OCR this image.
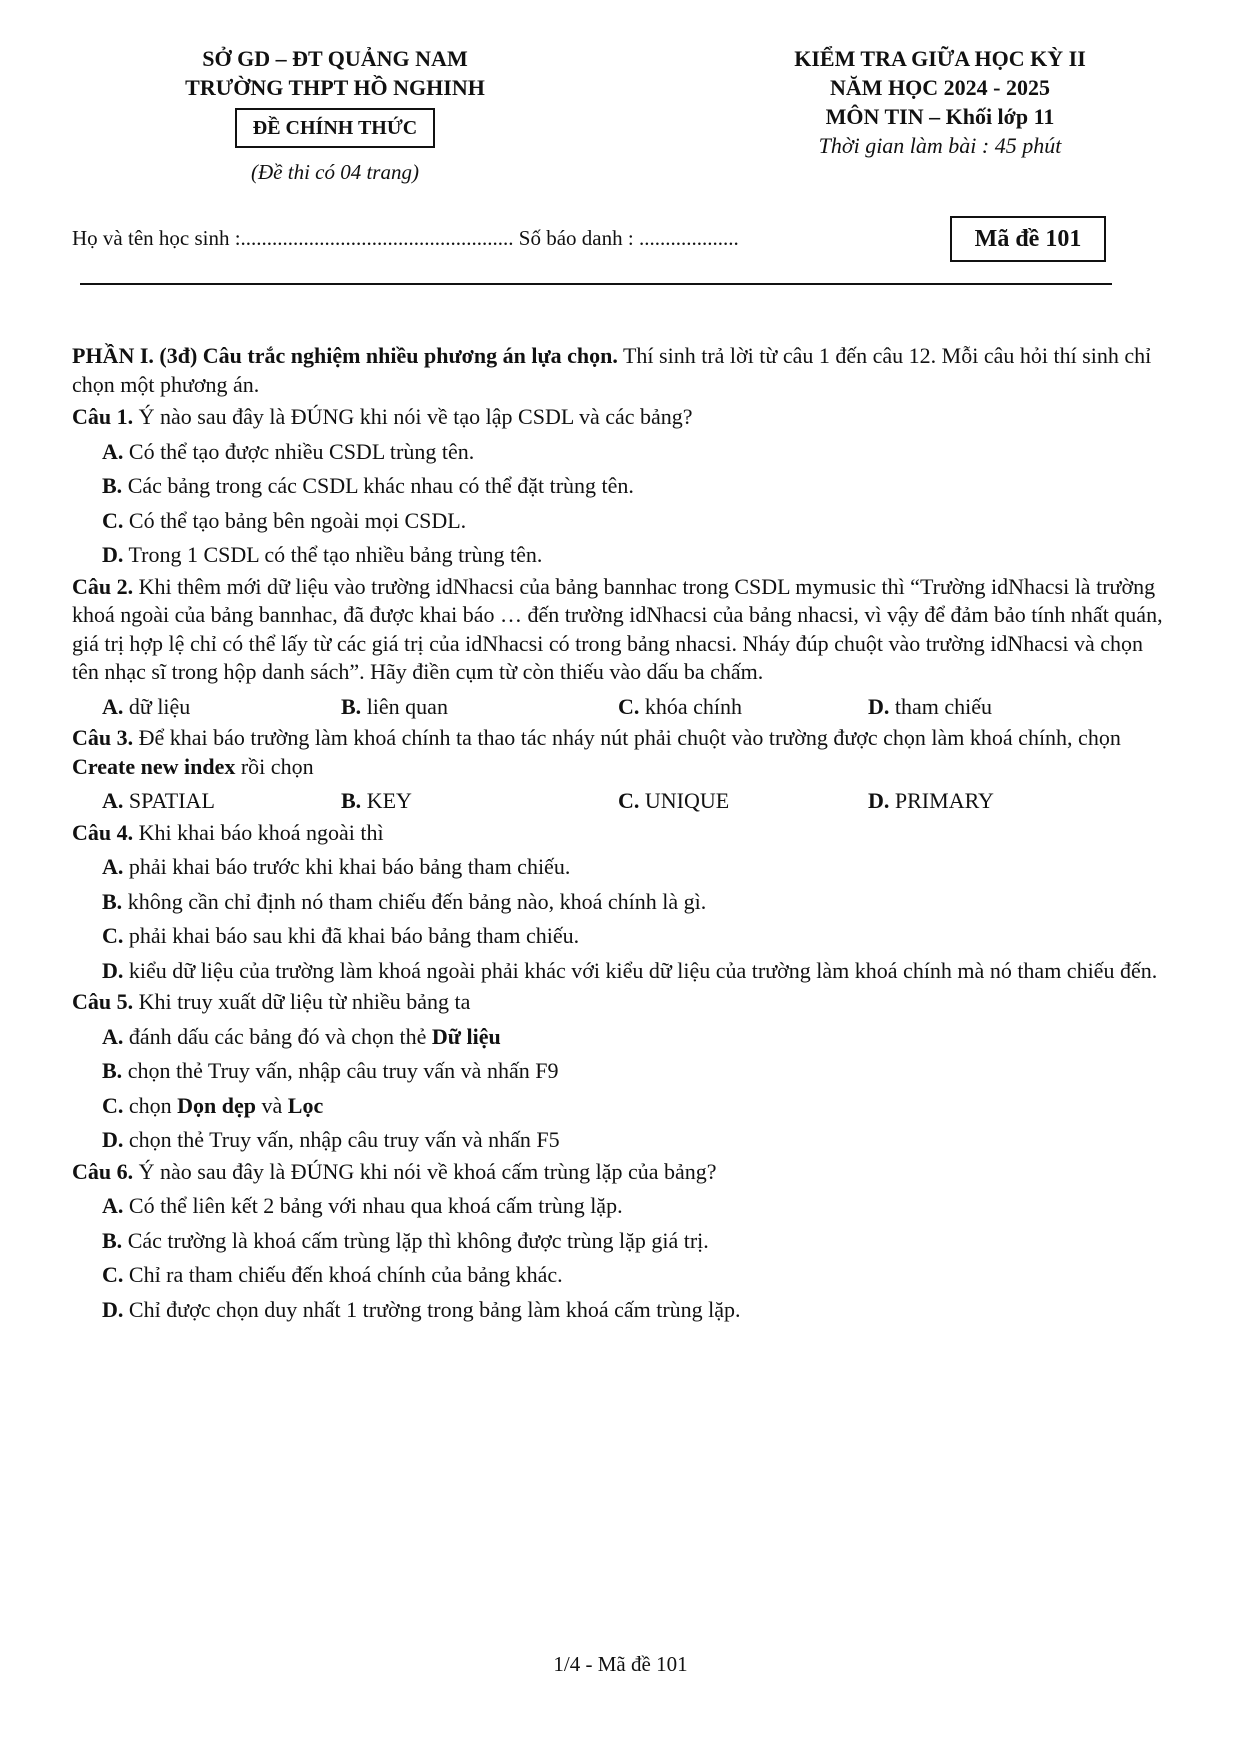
SỞ GD – ĐT QUẢNG NAM
TRƯỜNG THPT HỒ NGHINH
ĐỀ CHÍNH THỨC
(Đề thi có 04 trang)
KIỂM TRA GIỮA HỌC KỲ II
NĂM HỌC 2024 - 2025
MÔN TIN – Khối lớp 11
Thời gian làm bài : 45 phút
Họ và tên học sinh :.................................................... Số báo danh : ...................	Mã đề 101
PHẦN I. (3đ) Câu trắc nghiệm nhiều phương án lựa chọn. Thí sinh trả lời từ câu 1 đến câu 12. Mỗi câu hỏi thí sinh chỉ chọn một phương án.
Câu 1. Ý nào sau đây là ĐÚNG khi nói về tạo lập CSDL và các bảng?
A. Có thể tạo được nhiều CSDL trùng tên.
B. Các bảng trong các CSDL khác nhau có thể đặt trùng tên.
C. Có thể tạo bảng bên ngoài mọi CSDL.
D. Trong 1 CSDL có thể tạo nhiều bảng trùng tên.
Câu 2. Khi thêm mới dữ liệu vào trường idNhacsi của bảng bannhac trong CSDL mymusic thì “Trường idNhacsi là trường khoá ngoài của bảng bannhac, đã được khai báo … đến trường idNhacsi của bảng nhacsi, vì vậy để đảm bảo tính nhất quán, giá trị hợp lệ chỉ có thể lấy từ các giá trị của idNhacsi có trong bảng nhacsi. Nháy đúp chuột vào trường idNhacsi và chọn tên nhạc sĩ trong hộp danh sách”. Hãy điền cụm từ còn thiếu vào dấu ba chấm.
A. dữ liệu	B. liên quan	C. khóa chính	D. tham chiếu
Câu 3. Để khai báo trường làm khoá chính ta thao tác nháy nút phải chuột vào trường được chọn làm khoá chính, chọn Create new index rồi chọn
A. SPATIAL	B. KEY	C. UNIQUE	D. PRIMARY
Câu 4. Khi khai báo khoá ngoài thì
A. phải khai báo trước khi khai báo bảng tham chiếu.
B. không cần chỉ định nó tham chiếu đến bảng nào, khoá chính là gì.
C. phải khai báo sau khi đã khai báo bảng tham chiếu.
D. kiểu dữ liệu của trường làm khoá ngoài phải khác với kiểu dữ liệu của trường làm khoá chính mà nó tham chiếu đến.
Câu 5. Khi truy xuất dữ liệu từ nhiều bảng ta
A. đánh dấu các bảng đó và chọn thẻ Dữ liệu
B. chọn thẻ Truy vấn, nhập câu truy vấn và nhấn F9
C. chọn Dọn dẹp và Lọc
D. chọn thẻ Truy vấn, nhập câu truy vấn và nhấn F5
Câu 6. Ý nào sau đây là ĐÚNG khi nói về khoá cấm trùng lặp của bảng?
A. Có thể liên kết 2 bảng với nhau qua khoá cấm trùng lặp.
B. Các trường là khoá cấm trùng lặp thì không được trùng lặp giá trị.
C. Chỉ ra tham chiếu đến khoá chính của bảng khác.
D. Chỉ được chọn duy nhất 1 trường trong bảng làm khoá cấm trùng lặp.
1/4 - Mã đề 101
